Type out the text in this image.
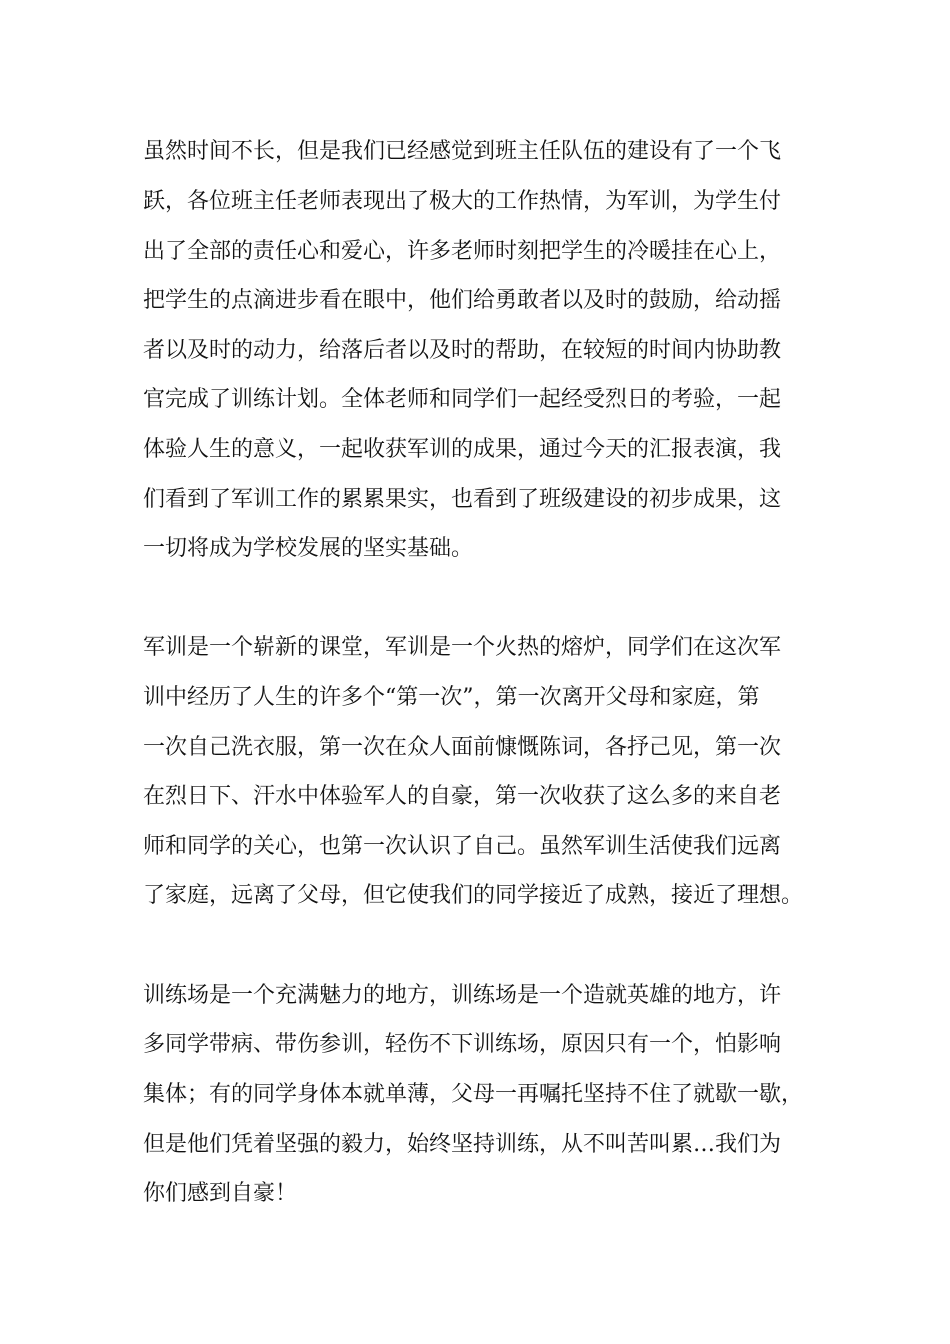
虽然时间不长，但是我们已经感觉到班主任队伍的建设有了一个飞

跃，各位班主任老师表现出了极大的工作热情，为军训，为学生付

出了全部的责任心和爱心，许多老师时刻把学生的冷暖挂在心上，

把学生的点滴进步看在眼中，他们给勇敢者以及时的鼓励，给动摇

者以及时的动力，给落后者以及时的帮助，在较短的时间内协助教

官完成了训练计划。全体老师和同学们一起经受烈日的考验，一起

体验人生的意义，一起收获军训的成果，通过今天的汇报表演，我

们看到了军训工作的累累果实，也看到了班级建设的初步成果，这

一切将成为学校发展的坚实基础。

军训是一个崭新的课堂，军训是一个火热的熔炉，同学们在这次军

训中经历了人生的许多个“第一次”，第一次离开父母和家庭，第

一次自己洗衣服，第一次在众人面前慷慨陈词，各抒己见，第一次

在烈日下、汗水中体验军人的自豪，第一次收获了这么多的来自老

师和同学的关心，也第一次认识了自己。虽然军训生活使我们远离

了家庭，远离了父母，但它使我们的同学接近了成熟，接近了理想。

训练场是一个充满魅力的地方，训练场是一个造就英雄的地方，许

多同学带病、带伤参训，轻伤不下训练场，原因只有一个，怕影响

集体；有的同学身体本就单薄，父母一再嘱托坚持不住了就歇一歇，

但是他们凭着坚强的毅力，始终坚持训练，从不叫苦叫累…我们为

你们感到自豪！
